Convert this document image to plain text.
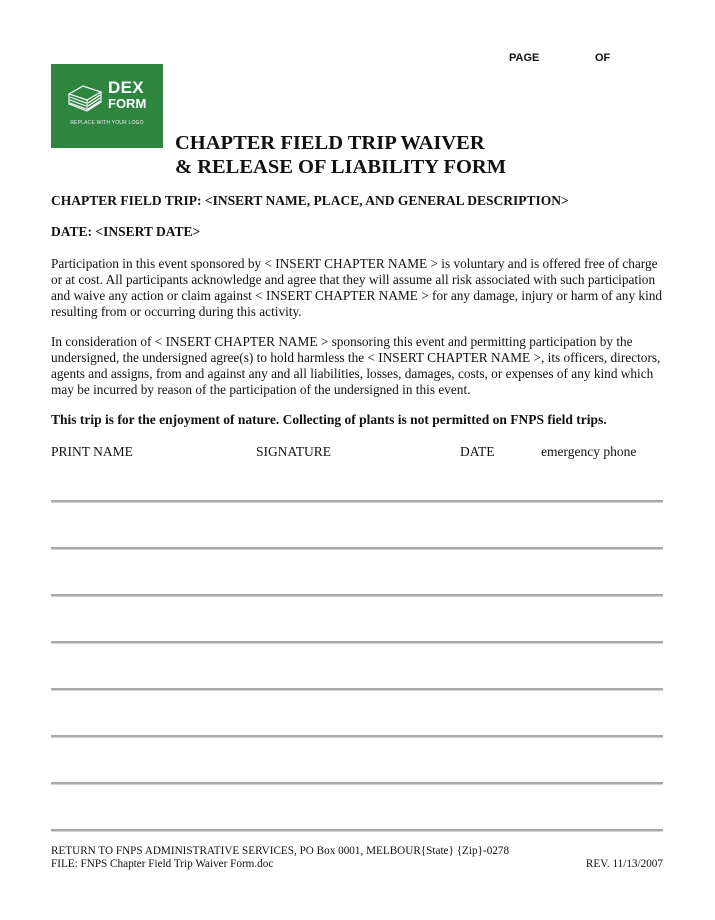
PAGE	OF
DEX
FORM
REPLACE WITH YOUR LOGO
CHAPTER FIELD TRIP WAIVER
& RELEASE OF LIABILITY FORM
CHAPTER FIELD TRIP: <INSERT NAME, PLACE, AND GENERAL DESCRIPTION>
DATE: <INSERT DATE>
Participation in this event sponsored by < INSERT CHAPTER NAME > is voluntary and is offered free of charge or at cost. All participants acknowledge and agree that they will assume all risk associated with such participation and waive any action or claim against < INSERT CHAPTER NAME > for any damage, injury or harm of any kind resulting from or occurring during this activity.
In consideration of < INSERT CHAPTER NAME > sponsoring this event and permitting participation by the undersigned, the undersigned agree(s) to hold harmless the < INSERT CHAPTER NAME >, its officers, directors, agents and assigns, from and against any and all liabilities, losses, damages, costs, or expenses of any kind which may be incurred by reason of the participation of the undersigned in this event.
This trip is for the enjoyment of nature. Collecting of plants is not permitted on FNPS field trips.
PRINT NAME	SIGNATURE	DATE	emergency phone
RETURN TO FNPS ADMINISTRATIVE SERVICES, PO Box 0001, MELBOUR{State} {Zip}-0278
FILE: FNPS Chapter Field Trip Waiver Form.doc	REV. 11/13/2007
